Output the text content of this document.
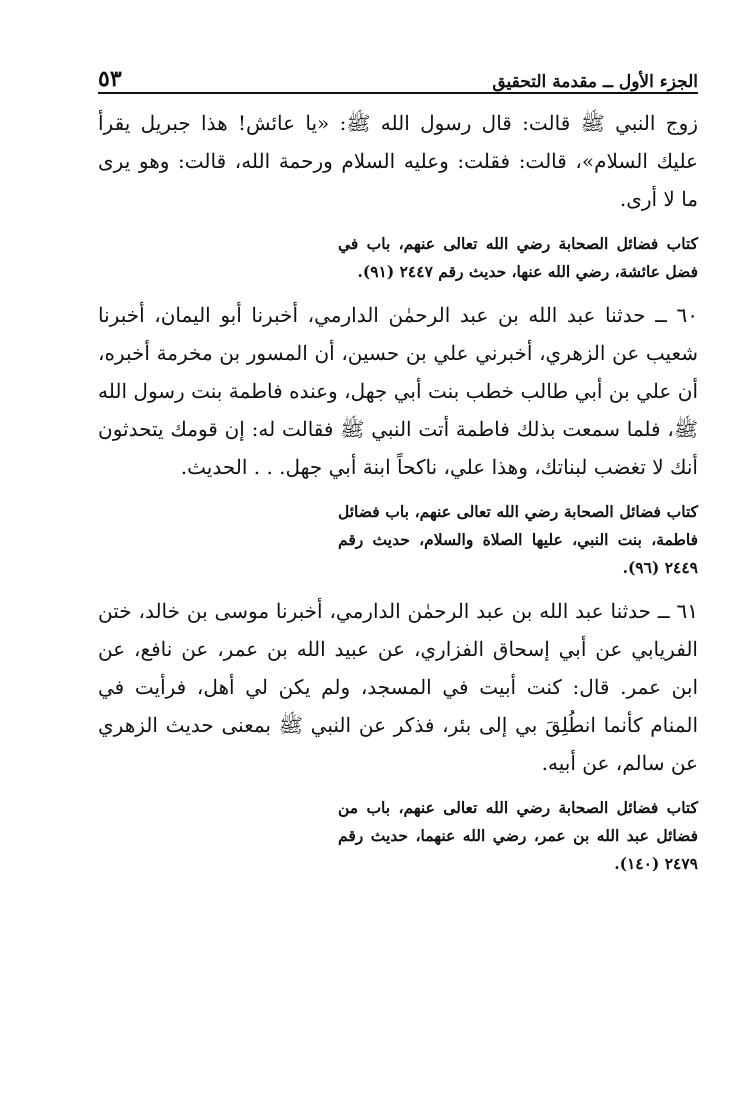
الجزء الأول ــ مقدمة التحقيق
٥٣

زوج النبي ﷺ قالت: قال رسول الله ﷺ: «يا عائش! هذا جبريل يقرأ عليك السلام»، قالت: فقلت: وعليه السلام ورحمة الله، قالت: وهو يرى ما لا أرى.

كتاب فضائل الصحابة رضي الله تعالى عنهم، باب في فضل عائشة، رضي الله عنها، حديث رقم ٢٤٤٧ (٩١).

٦٠ ــ حدثنا عبد الله بن عبد الرحمٰن الدارمي، أخبرنا أبو اليمان، أخبرنا شعيب عن الزهري، أخبرني علي بن حسين، أن المسور بن مخرمة أخبره، أن علي بن أبي طالب خطب بنت أبي جهل، وعنده فاطمة بنت رسول الله ﷺ، فلما سمعت بذلك فاطمة أتت النبي ﷺ فقالت له: إن قومك يتحدثون أنك لا تغضب لبناتك، وهذا علي، ناكحاً ابنة أبي جهل. . . الحديث.

كتاب فضائل الصحابة رضي الله تعالى عنهم، باب فضائل فاطمة، بنت النبي، عليها الصلاة والسلام، حديث رقم ٢٤٤٩ (٩٦).

٦١ ــ حدثنا عبد الله بن عبد الرحمٰن الدارمي، أخبرنا موسى بن خالد، ختن الفريابي عن أبي إسحاق الفزاري، عن عبيد الله بن عمر، عن نافع، عن ابن عمر. قال: كنت أبيت في المسجد، ولم يكن لي أهل، فرأيت في المنام كأنما انطُلِقَ بي إلى بئر، فذكر عن النبي ﷺ بمعنى حديث الزهري عن سالم، عن أبيه.

كتاب فضائل الصحابة رضي الله تعالى عنهم، باب من فضائل عبد الله بن عمر، رضي الله عنهما، حديث رقم ٢٤٧٩ (١٤٠).
